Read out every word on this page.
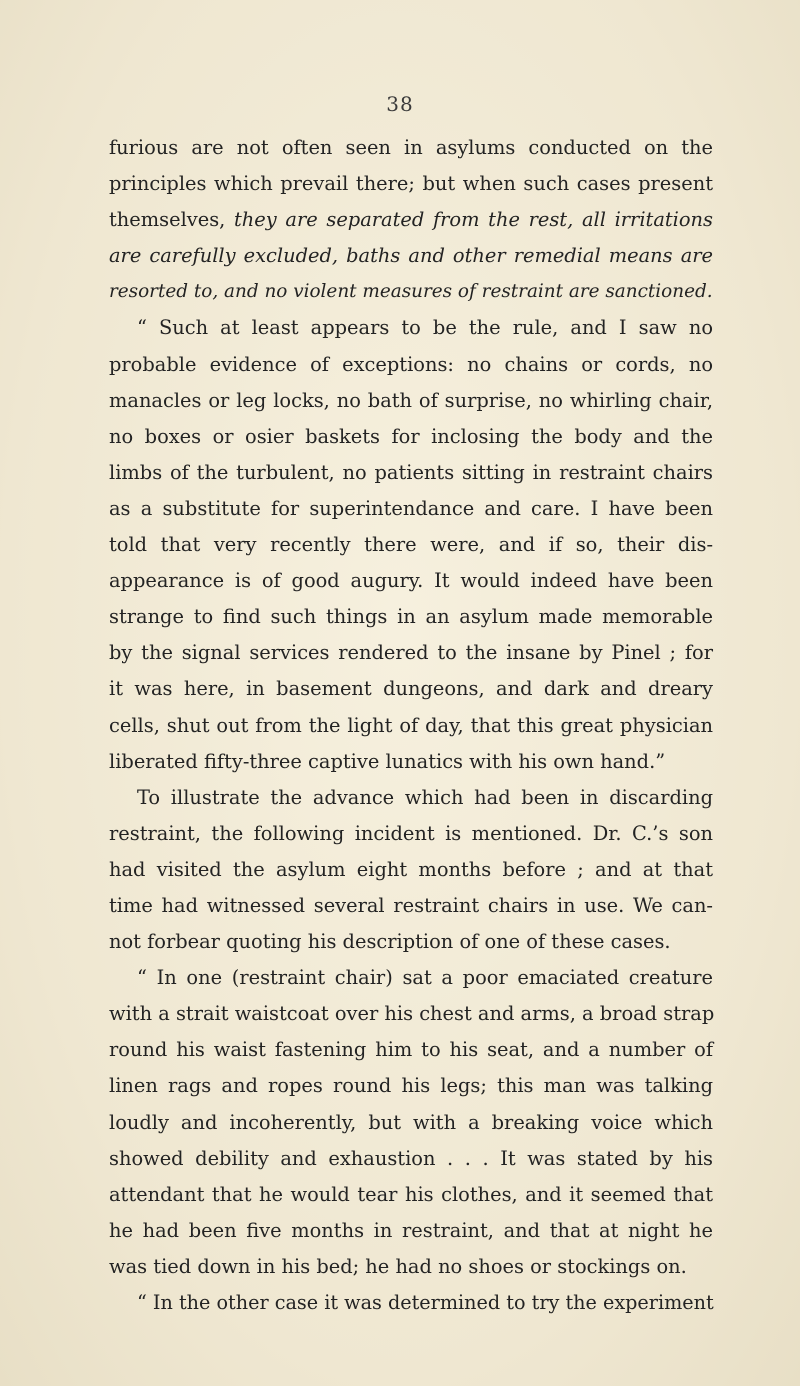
38
furious are not often seen in asylums conducted on the
principles which prevail there; but when such cases present
themselves, they are separated from the rest, all irritations
are carefully excluded, baths and other remedial means are
resorted to, and no violent measures of restraint are sanctioned.
“ Such at least appears to be the rule, and I saw no
probable evidence of exceptions: no chains or cords, no
manacles or leg locks, no bath of surprise, no whirling chair,
no boxes or osier baskets for inclosing the body and the
limbs of the turbulent, no patients sitting in restraint chairs
as a substitute for superintendance and care. I have been
told that very recently there were, and if so, their dis-
appearance is of good augury. It would indeed have been
strange to find such things in an asylum made memorable
by the signal services rendered to the insane by Pinel ; for
it was here, in basement dungeons, and dark and dreary
cells, shut out from the light of day, that this great physician
liberated fifty-three captive lunatics with his own hand.”
To illustrate the advance which had been in discarding
restraint, the following incident is mentioned. Dr. C.’s son
had visited the asylum eight months before ; and at that
time had witnessed several restraint chairs in use. We can-
not forbear quoting his description of one of these cases.
“ In one (restraint chair) sat a poor emaciated creature
with a strait waistcoat over his chest and arms, a broad strap
round his waist fastening him to his seat, and a number of
linen rags and ropes round his legs; this man was talking
loudly and incoherently, but with a breaking voice which
showed debility and exhaustion . . . It was stated by his
attendant that he would tear his clothes, and it seemed that
he had been five months in restraint, and that at night he
was tied down in his bed; he had no shoes or stockings on.
“ In the other case it was determined to try the experiment
